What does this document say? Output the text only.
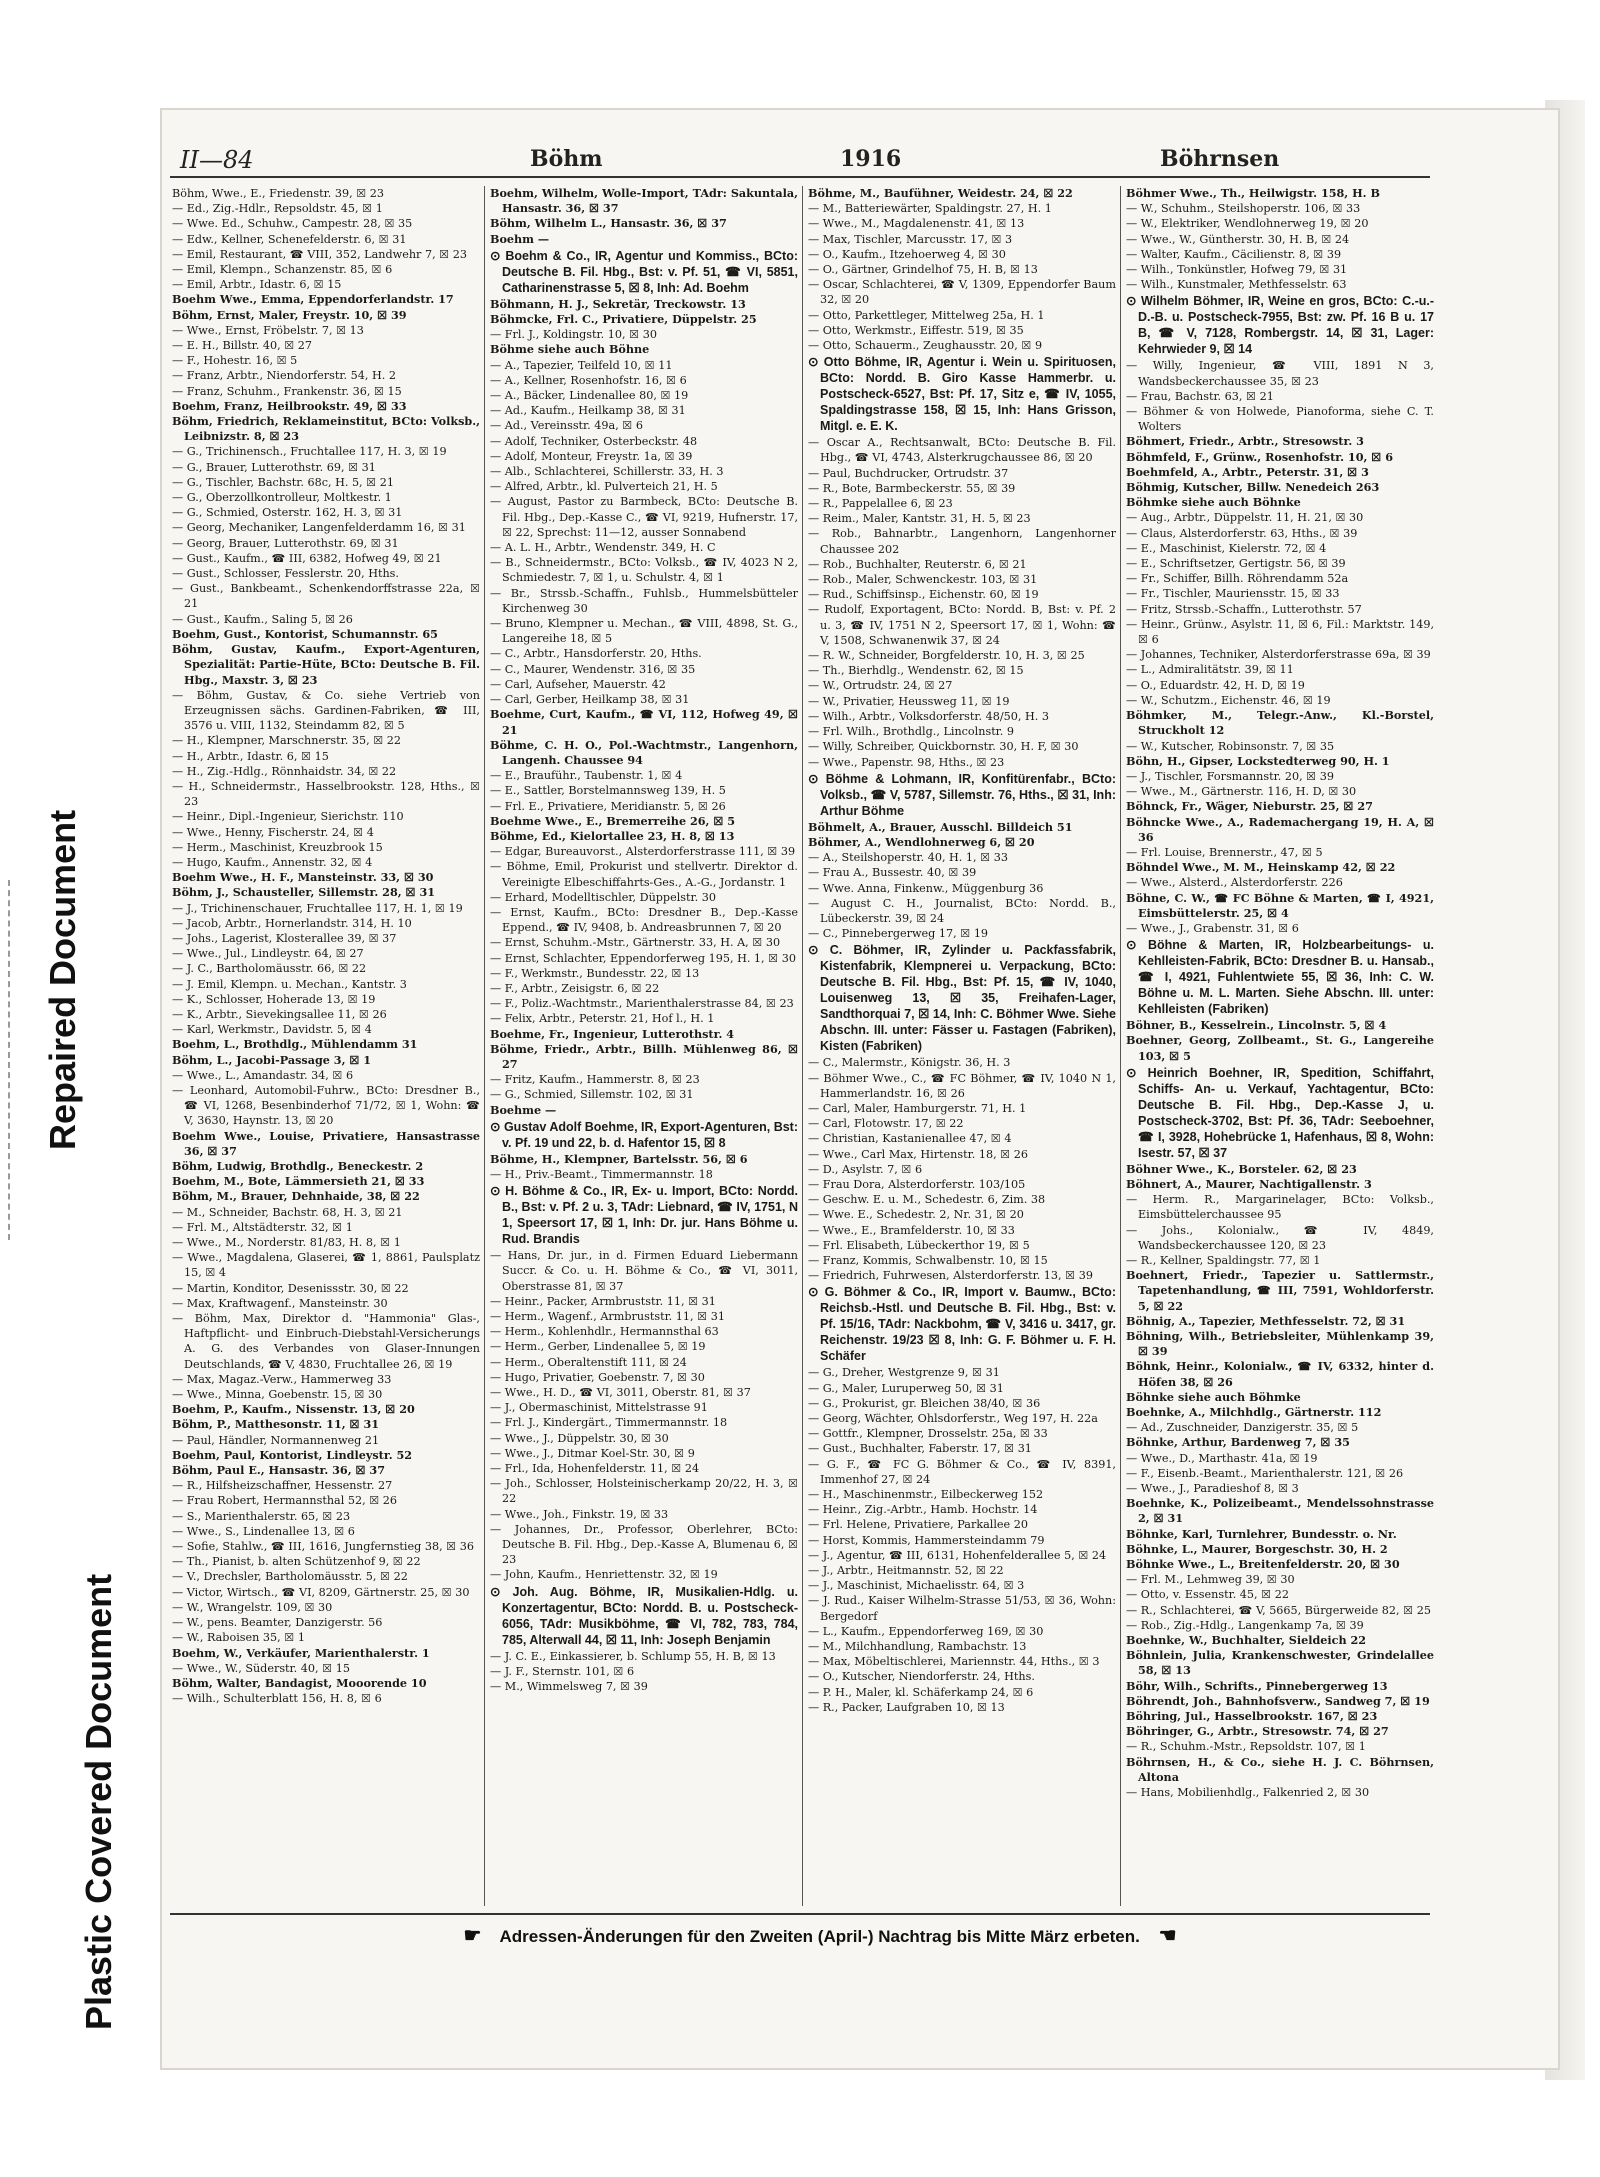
Repaired Document
Plastic Covered Document
II—84	Böhm	1916	Böhrnsen

Böhm, Wwe., E., Friedenstr. 39, ☒ 23

— Ed., Zig.-Hdlr., Repsoldstr. 45, ☒ 1

— Wwe. Ed., Schuhw., Campestr. 28, ☒ 35

— Edw., Kellner, Schenefelderstr. 6, ☒ 31

— Emil, Restaurant, ☎ VIII, 352, Landwehr 7, ☒ 23

— Emil, Klempn., Schanzenstr. 85, ☒ 6

— Emil, Arbtr., Idastr. 6, ☒ 15

Boehm Wwe., Emma, Eppendorferlandstr. 17

Böhm, Ernst, Maler, Freystr. 10, ☒ 39

— Wwe., Ernst, Fröbelstr. 7, ☒ 13

— E. H., Billstr. 40, ☒ 27

— F., Hohestr. 16, ☒ 5

— Franz, Arbtr., Niendorferstr. 54, H. 2

— Franz, Schuhm., Frankenstr. 36, ☒ 15

Boehm, Franz, Heilbrookstr. 49, ☒ 33

Böhm, Friedrich, Reklameinstitut, BCto: Volksb., Leibnizstr. 8, ☒ 23

— G., Trichinensch., Fruchtallee 117, H. 3, ☒ 19

— G., Brauer, Lutterothstr. 69, ☒ 31

— G., Tischler, Bachstr. 68c, H. 5, ☒ 21

— G., Oberzollkontrolleur, Moltkestr. 1

— G., Schmied, Osterstr. 162, H. 3, ☒ 31

— Georg, Mechaniker, Langenfelderdamm 16, ☒ 31

— Georg, Brauer, Lutterothstr. 69, ☒ 31

— Gust., Kaufm., ☎ III, 6382, Hofweg 49, ☒ 21

— Gust., Schlosser, Fesslerstr. 20, Hths.

— Gust., Bankbeamt., Schenkendorffstrasse 22a, ☒ 21

— Gust., Kaufm., Saling 5, ☒ 26

Boehm, Gust., Kontorist, Schumannstr. 65

Böhm, Gustav, Kaufm., Export-Agenturen, Spezialität: Partie-Hüte, BCto: Deutsche B. Fil. Hbg., Maxstr. 3, ☒ 23

— Böhm, Gustav, & Co. siehe Vertrieb von Erzeugnissen sächs. Gardinen-Fabriken, ☎ III, 3576 u. VIII, 1132, Steindamm 82, ☒ 5

— H., Klempner, Marschnerstr. 35, ☒ 22

— H., Arbtr., Idastr. 6, ☒ 15

— H., Zig.-Hdlg., Rönnhaidstr. 34, ☒ 22

— H., Schneidermstr., Hasselbrookstr. 128, Hths., ☒ 23

— Heinr., Dipl.-Ingenieur, Sierichstr. 110

— Wwe., Henny, Fischerstr. 24, ☒ 4

— Herm., Maschinist, Kreuzbrook 15

— Hugo, Kaufm., Annenstr. 32, ☒ 4

Boehm Wwe., H. F., Mansteinstr. 33, ☒ 30

Böhm, J., Schausteller, Sillemstr. 28, ☒ 31

— J., Trichinenschauer, Fruchtallee 117, H. 1, ☒ 19

— Jacob, Arbtr., Hornerlandstr. 314, H. 10

— Johs., Lagerist, Klosterallee 39, ☒ 37

— Wwe., Jul., Lindleystr. 64, ☒ 27

— J. C., Bartholomäusstr. 66, ☒ 22

— J. Emil, Klempn. u. Mechan., Kantstr. 3

— K., Schlosser, Hoherade 13, ☒ 19

— K., Arbtr., Sievekingsallee 11, ☒ 26

— Karl, Werkmstr., Davidstr. 5, ☒ 4

Boehm, L., Brothdlg., Mühlendamm 31

Böhm, L., Jacobi-Passage 3, ☒ 1

— Wwe., L., Amandastr. 34, ☒ 6

— Leonhard, Automobil-Fuhrw., BCto: Dresdner B., ☎ VI, 1268, Besenbinderhof 71/72, ☒ 1, Wohn: ☎ V, 3630, Haynstr. 13, ☒ 20

Boehm Wwe., Louise, Privatiere, Hansastrasse 36, ☒ 37

Böhm, Ludwig, Brothdlg., Beneckestr. 2

Boehm, M., Bote, Lämmersieth 21, ☒ 33

Böhm, M., Brauer, Dehnhaide, 38, ☒ 22

— M., Schneider, Bachstr. 68, H. 3, ☒ 21

— Frl. M., Altstädterstr. 32, ☒ 1

— Wwe., M., Norderstr. 81/83, H. 8, ☒ 1

— Wwe., Magdalena, Glaserei, ☎ 1, 8861, Paulsplatz 15, ☒ 4

— Martin, Konditor, Desenissstr. 30, ☒ 22

— Max, Kraftwagenf., Mansteinstr. 30

— Böhm, Max, Direktor d. "Hammonia" Glas-, Haftpflicht- und Einbruch-Diebstahl-Versicherungs A. G. des Verbandes von Glaser-Innungen Deutschlands, ☎ V, 4830, Fruchtallee 26, ☒ 19

— Max, Magaz.-Verw., Hammerweg 33

— Wwe., Minna, Goebenstr. 15, ☒ 30

Boehm, P., Kaufm., Nissenstr. 13, ☒ 20

Böhm, P., Matthesonstr. 11, ☒ 31

— Paul, Händler, Normannenweg 21

Boehm, Paul, Kontorist, Lindleystr. 52

Böhm, Paul E., Hansastr. 36, ☒ 37

— R., Hilfsheizschaffner, Hessenstr. 27

— Frau Robert, Hermannsthal 52, ☒ 26

— S., Marienthalerstr. 65, ☒ 23

— Wwe., S., Lindenallee 13, ☒ 6

— Sofie, Stahlw., ☎ III, 1616, Jungfernstieg 38, ☒ 36

— Th., Pianist, b. alten Schützenhof 9, ☒ 22

— V., Drechsler, Bartholomäusstr. 5, ☒ 22

— Victor, Wirtsch., ☎ VI, 8209, Gärtnerstr. 25, ☒ 30

— W., Wrangelstr. 109, ☒ 30

— W., pens. Beamter, Danzigerstr. 56

— W., Raboisen 35, ☒ 1

Boehm, W., Verkäufer, Marienthalerstr. 1

— Wwe., W., Süderstr. 40, ☒ 15

Böhm, Walter, Bandagist, Mooorende 10

— Wilh., Schulterblatt 156, H. 8, ☒ 6

Boehm, Wilhelm, Wolle-Import, TAdr: Sakuntala, Hansastr. 36, ☒ 37

Böhm, Wilhelm L., Hansastr. 36, ☒ 37

Boehm —

⊙ Boehm & Co., IR, Agentur und Kommiss., BCto: Deutsche B. Fil. Hbg., Bst: v. Pf. 51, ☎ VI, 5851, Catharinenstrasse 5, ☒ 8, Inh: Ad. Boehm

Böhmann, H. J., Sekretär, Treckowstr. 13

Böhmcke, Frl. C., Privatiere, Düppelstr. 25

— Frl. J., Koldingstr. 10, ☒ 30

Böhme siehe auch Böhne

— A., Tapezier, Teilfeld 10, ☒ 11

— A., Kellner, Rosenhofstr. 16, ☒ 6

— A., Bäcker, Lindenallee 80, ☒ 19

— Ad., Kaufm., Heilkamp 38, ☒ 31

— Ad., Vereinsstr. 49a, ☒ 6

— Adolf, Techniker, Osterbeckstr. 48

— Adolf, Monteur, Freystr. 1a, ☒ 39

— Alb., Schlachterei, Schillerstr. 33, H. 3

— Alfred, Arbtr., kl. Pulverteich 21, H. 5

— August, Pastor zu Barmbeck, BCto: Deutsche B. Fil. Hbg., Dep.-Kasse C., ☎ VI, 9219, Hufnerstr. 17, ☒ 22, Sprechst: 11—12, ausser Sonnabend

— A. L. H., Arbtr., Wendenstr. 349, H. C

— B., Schneidermstr., BCto: Volksb., ☎ IV, 4023 N 2, Schmiedestr. 7, ☒ 1, u. Schulstr. 4, ☒ 1

— Br., Strssb.-Schaffn., Fuhlsb., Hummelsbütteler Kirchenweg 30

— Bruno, Klempner u. Mechan., ☎ VIII, 4898, St. G., Langereihe 18, ☒ 5

— C., Arbtr., Hansdorferstr. 20, Hths.

— C., Maurer, Wendenstr. 316, ☒ 35

— Carl, Aufseher, Mauerstr. 42

— Carl, Gerber, Heilkamp 38, ☒ 31

Boehme, Curt, Kaufm., ☎ VI, 112, Hofweg 49, ☒ 21

Böhme, C. H. O., Pol.-Wachtmstr., Langenhorn, Langenh. Chaussee 94

— E., Brauführ., Taubenstr. 1, ☒ 4

— E., Sattler, Borstelmannsweg 139, H. 5

— Frl. E., Privatiere, Meridianstr. 5, ☒ 26

Boehme Wwe., E., Bremerreihe 26, ☒ 5

Böhme, Ed., Kielortallee 23, H. 8, ☒ 13

— Edgar, Bureauvorst., Alsterdorferstrasse 111, ☒ 39

— Böhme, Emil, Prokurist und stellvertr. Direktor d. Vereinigte Elbeschiffahrts-Ges., A.-G., Jordanstr. 1

— Erhard, Modelltischler, Düppelstr. 30

— Ernst, Kaufm., BCto: Dresdner B., Dep.-Kasse Eppend., ☎ IV, 9408, b. Andreasbrunnen 7, ☒ 20

— Ernst, Schuhm.-Mstr., Gärtnerstr. 33, H. A, ☒ 30

— Ernst, Schlachter, Eppendorferweg 195, H. 1, ☒ 30

— F., Werkmstr., Bundesstr. 22, ☒ 13

— F., Arbtr., Zeisigstr. 6, ☒ 22

— F., Poliz.-Wachtmstr., Marienthalerstrasse 84, ☒ 23

— Felix, Arbtr., Peterstr. 21, Hof l., H. 1

Boehme, Fr., Ingenieur, Lutterothstr. 4

Böhme, Friedr., Arbtr., Billh. Mühlenweg 86, ☒ 27

— Fritz, Kaufm., Hammerstr. 8, ☒ 23

— G., Schmied, Sillemstr. 102, ☒ 31

Boehme —

⊙ Gustav Adolf Boehme, IR, Export-Agenturen, Bst: v. Pf. 19 und 22, b. d. Hafentor 15, ☒ 8

Böhme, H., Klempner, Bartelsstr. 56, ☒ 6

— H., Priv.-Beamt., Timmermannstr. 18

⊙ H. Böhme & Co., IR, Ex- u. Import, BCto: Nordd. B., Bst: v. Pf. 2 u. 3, TAdr: Liebnard, ☎ IV, 1751, N 1, Speersort 17, ☒ 1, Inh: Dr. jur. Hans Böhme u. Rud. Brandis

— Hans, Dr. jur., in d. Firmen Eduard Liebermann Succr. & Co. u. H. Böhme & Co., ☎ VI, 3011, Oberstrasse 81, ☒ 37

— Heinr., Packer, Armbruststr. 11, ☒ 31

— Herm., Wagenf., Armbruststr. 11, ☒ 31

— Herm., Kohlenhdlr., Hermannsthal 63

— Herm., Gerber, Lindenallee 5, ☒ 19

— Herm., Oberaltenstift 111, ☒ 24

— Hugo, Privatier, Goebenstr. 7, ☒ 30

— Wwe., H. D., ☎ VI, 3011, Oberstr. 81, ☒ 37

— J., Obermaschinist, Mittelstrasse 91

— Frl. J., Kindergärt., Timmermannstr. 18

— Wwe., J., Düppelstr. 30, ☒ 30

— Wwe., J., Ditmar Koel-Str. 30, ☒ 9

— Frl., Ida, Hohenfelderstr. 11, ☒ 24

— Joh., Schlosser, Holsteinischerkamp 20/22, H. 3, ☒ 22

— Wwe., Joh., Finkstr. 19, ☒ 33

— Johannes, Dr., Professor, Oberlehrer, BCto: Deutsche B. Fil. Hbg., Dep.-Kasse A, Blumenau 6, ☒ 23

— John, Kaufm., Henriettenstr. 32, ☒ 19

⊙ Joh. Aug. Böhme, IR, Musikalien-Hdlg. u. Konzertagentur, BCto: Nordd. B. u. Postscheck-6056, TAdr: Musikböhme, ☎ VI, 782, 783, 784, 785, Alterwall 44, ☒ 11, Inh: Joseph Benjamin

— J. C. E., Einkassierer, b. Schlump 55, H. B, ☒ 13

— J. F., Sternstr. 101, ☒ 6

— M., Wimmelsweg 7, ☒ 39

Böhme, M., Baufühner, Weidestr. 24, ☒ 22

— M., Batteriewärter, Spaldingstr. 27, H. 1

— Wwe., M., Magdalenenstr. 41, ☒ 13

— Max, Tischler, Marcusstr. 17, ☒ 3

— O., Kaufm., Itzehoerweg 4, ☒ 30

— O., Gärtner, Grindelhof 75, H. B, ☒ 13

— Oscar, Schlachterei, ☎ V, 1309, Eppendorfer Baum 32, ☒ 20

— Otto, Parkettleger, Mittelweg 25a, H. 1

— Otto, Werkmstr., Eiffestr. 519, ☒ 35

— Otto, Schauerm., Zeughausstr. 20, ☒ 9

⊙ Otto Böhme, IR, Agentur i. Wein u. Spirituosen, BCto: Nordd. B. Giro Kasse Hammerbr. u. Postscheck-6527, Bst: Pf. 17, Sitz e, ☎ IV, 1055, Spaldingstrasse 158, ☒ 15, Inh: Hans Grisson, Mitgl. e. E. K.

— Oscar A., Rechtsanwalt, BCto: Deutsche B. Fil. Hbg., ☎ VI, 4743, Alsterkrugchaussee 86, ☒ 20

— Paul, Buchdrucker, Ortrudstr. 37

— R., Bote, Barmbeckerstr. 55, ☒ 39

— R., Pappelallee 6, ☒ 23

— Reim., Maler, Kantstr. 31, H. 5, ☒ 23

— Rob., Bahnarbtr., Langenhorn, Langenhorner Chaussee 202

— Rob., Buchhalter, Reuterstr. 6, ☒ 21

— Rob., Maler, Schwenckestr. 103, ☒ 31

— Rud., Schiffsinsp., Eichenstr. 60, ☒ 19

— Rudolf, Exportagent, BCto: Nordd. B, Bst: v. Pf. 2 u. 3, ☎ IV, 1751 N 2, Speersort 17, ☒ 1, Wohn: ☎ V, 1508, Schwanenwik 37, ☒ 24

— R. W., Schneider, Borgfelderstr. 10, H. 3, ☒ 25

— Th., Bierhdlg., Wendenstr. 62, ☒ 15

— W., Ortrudstr. 24, ☒ 27

— W., Privatier, Heussweg 11, ☒ 19

— Wilh., Arbtr., Volksdorferstr. 48/50, H. 3

— Frl. Wilh., Brothdlg., Lincolnstr. 9

— Willy, Schreiber, Quickbornstr. 30, H. F, ☒ 30

— Wwe., Papenstr. 98, Hths., ☒ 23

⊙ Böhme & Lohmann, IR, Konfitürenfabr., BCto: Volksb., ☎ V, 5787, Sillemstr. 76, Hths., ☒ 31, Inh: Arthur Böhme

Böhmelt, A., Brauer, Ausschl. Billdeich 51

Böhmer, A., Wendlohnerweg 6, ☒ 20

— A., Steilshoperstr. 40, H. 1, ☒ 33

— Frau A., Bussestr. 40, ☒ 39

— Wwe. Anna, Finkenw., Müggenburg 36

— August C. H., Journalist, BCto: Nordd. B., Lübeckerstr. 39, ☒ 24

— C., Pinnebergerweg 17, ☒ 19

⊙ C. Böhmer, IR, Zylinder u. Packfassfabrik, Kistenfabrik, Klempnerei u. Verpackung, BCto: Deutsche B. Fil. Hbg., Bst: Pf. 15, ☎ IV, 1040, Louisenweg 13, ☒ 35, Freihafen-Lager, Sandthorquai 7, ☒ 14, Inh: C. Böhmer Wwe. Siehe Abschn. III. unter: Fässer u. Fastagen (Fabriken), Kisten (Fabriken)

— C., Malermstr., Königstr. 36, H. 3

— Böhmer Wwe., C., ☎ FC Böhmer, ☎ IV, 1040 N 1, Hammerlandstr. 16, ☒ 26

— Carl, Maler, Hamburgerstr. 71, H. 1

— Carl, Flotowstr. 17, ☒ 22

— Christian, Kastanienallee 47, ☒ 4

— Wwe., Carl Max, Hirtenstr. 18, ☒ 26

— D., Asylstr. 7, ☒ 6

— Frau Dora, Alsterdorferstr. 103/105

— Geschw. E. u. M., Schedestr. 6, Zim. 38

— Wwe. E., Schedestr. 2, Nr. 31, ☒ 20

— Wwe., E., Bramfelderstr. 10, ☒ 33

— Frl. Elisabeth, Lübeckerthor 19, ☒ 5

— Franz, Kommis, Schwalbenstr. 10, ☒ 15

— Friedrich, Fuhrwesen, Alsterdorferstr. 13, ☒ 39

⊙ G. Böhmer & Co., IR, Import v. Baumw., BCto: Reichsb.-Hstl. und Deutsche B. Fil. Hbg., Bst: v. Pf. 15/16, TAdr: Nackbohm, ☎ V, 3416 u. 3417, gr. Reichenstr. 19/23 ☒ 8, Inh: G. F. Böhmer u. F. H. Schäfer

— G., Dreher, Westgrenze 9, ☒ 31

— G., Maler, Luruperweg 50, ☒ 31

— G., Prokurist, gr. Bleichen 38/40, ☒ 36

— Georg, Wächter, Ohlsdorferstr., Weg 197, H. 22a

— Gottfr., Klempner, Drosselstr. 25a, ☒ 33

— Gust., Buchhalter, Faberstr. 17, ☒ 31

— G. F., ☎ FC G. Böhmer & Co., ☎ IV, 8391, Immenhof 27, ☒ 24

— H., Maschinenmstr., Eilbeckerweg 152

— Heinr., Zig.-Arbtr., Hamb. Hochstr. 14

— Frl. Helene, Privatiere, Parkallee 20

— Horst, Kommis, Hammersteindamm 79

— J., Agentur, ☎ III, 6131, Hohenfelderallee 5, ☒ 24

— J., Arbtr., Heitmannstr. 52, ☒ 22

— J., Maschinist, Michaelisstr. 64, ☒ 3

— J. Rud., Kaiser Wilhelm-Strasse 51/53, ☒ 36, Wohn: Bergedorf

— L., Kaufm., Eppendorferweg 169, ☒ 30

— M., Milchhandlung, Rambachstr. 13

— Max, Möbeltischlerei, Mariennstr. 44, Hths., ☒ 3

— O., Kutscher, Niendorferstr. 24, Hths.

— P. H., Maler, kl. Schäferkamp 24, ☒ 6

— R., Packer, Laufgraben 10, ☒ 13

Böhmer Wwe., Th., Heilwigstr. 158, H. B

— W., Schuhm., Steilshoperstr. 106, ☒ 33

— W., Elektriker, Wendlohnerweg 19, ☒ 20

— Wwe., W., Güntherstr. 30, H. B, ☒ 24

— Walter, Kaufm., Cäcilienstr. 8, ☒ 39

— Wilh., Tonkünstler, Hofweg 79, ☒ 31

— Wilh., Kunstmaler, Methfesselstr. 63

⊙ Wilhelm Böhmer, IR, Weine en gros, BCto: C.-u.-D.-B. u. Postscheck-7955, Bst: zw. Pf. 16 B u. 17 B, ☎ V, 7128, Rombergstr. 14, ☒ 31, Lager: Kehrwieder 9, ☒ 14

— Willy, Ingenieur, ☎ VIII, 1891 N 3, Wandsbeckerchaussee 35, ☒ 23

— Frau, Bachstr. 63, ☒ 21

— Böhmer & von Holwede, Pianoforma, siehe C. T. Wolters

Böhmert, Friedr., Arbtr., Stresowstr. 3

Böhmfeld, F., Grünw., Rosenhofstr. 10, ☒ 6

Boehmfeld, A., Arbtr., Peterstr. 31, ☒ 3

Böhmig, Kutscher, Billw. Nenedeich 263

Böhmke siehe auch Böhnke

— Aug., Arbtr., Düppelstr. 11, H. 21, ☒ 30

— Claus, Alsterdorferstr. 63, Hths., ☒ 39

— E., Maschinist, Kielerstr. 72, ☒ 4

— E., Schriftsetzer, Gertigstr. 56, ☒ 39

— Fr., Schiffer, Billh. Röhrendamm 52a

— Fr., Tischler, Mauriensstr. 15, ☒ 33

— Fritz, Strssb.-Schaffn., Lutterothstr. 57

— Heinr., Grünw., Asylstr. 11, ☒ 6, Fil.: Marktstr. 149, ☒ 6

— Johannes, Techniker, Alsterdorferstrasse 69a, ☒ 39

— L., Admiralitätstr. 39, ☒ 11

— O., Eduardstr. 42, H. D, ☒ 19

— W., Schutzm., Eichenstr. 46, ☒ 19

Böhmker, M., Telegr.-Anw., Kl.-Borstel, Struckholt 12

— W., Kutscher, Robinsonstr. 7, ☒ 35

Böhn, H., Gipser, Lockstedterweg 90, H. 1

— J., Tischler, Forsmannstr. 20, ☒ 39

— Wwe., M., Gärtnerstr. 116, H. D, ☒ 30

Böhnck, Fr., Wäger, Nieburstr. 25, ☒ 27

Böhncke Wwe., A., Rademachergang 19, H. A, ☒ 36

— Frl. Louise, Brennerstr., 47, ☒ 5

Böhndel Wwe., M. M., Heinskamp 42, ☒ 22

— Wwe., Alsterd., Alsterdorferstr. 226

Böhne, C. W., ☎ FC Böhne & Marten, ☎ I, 4921, Eimsbüttelerstr. 25, ☒ 4

— Wwe., J., Grabenstr. 31, ☒ 6

⊙ Böhne & Marten, IR, Holzbearbeitungs- u. Kehlleisten-Fabrik, BCto: Dresdner B. u. Hansab., ☎ I, 4921, Fuhlentwiete 55, ☒ 36, Inh: C. W. Böhne u. M. L. Marten. Siehe Abschn. III. unter: Kehlleisten (Fabriken)

Böhner, B., Kesselrein., Lincolnstr. 5, ☒ 4

Boehner, Georg, Zollbeamt., St. G., Langereihe 103, ☒ 5

⊙ Heinrich Boehner, IR, Spedition, Schiffahrt, Schiffs- An- u. Verkauf, Yachtagentur, BCto: Deutsche B. Fil. Hbg., Dep.-Kasse J, u. Postscheck-3702, Bst: Pf. 36, TAdr: Seeboehner, ☎ I, 3928, Hohebrücke 1, Hafenhaus, ☒ 8, Wohn: Isestr. 57, ☒ 37

Böhner Wwe., K., Borsteler. 62, ☒ 23

Böhnert, A., Maurer, Nachtigallenstr. 3

— Herm. R., Margarinelager, BCto: Volksb., Eimsbüttelerchaussee 95

— Johs., Kolonialw., ☎ IV, 4849, Wandsbeckerchaussee 120, ☒ 23

— R., Kellner, Spaldingstr. 77, ☒ 1

Boehnert, Friedr., Tapezier u. Sattlermstr., Tapetenhandlung, ☎ III, 7591, Wohldorferstr. 5, ☒ 22

Böhnig, A., Tapezier, Methfesselstr. 72, ☒ 31

Böhning, Wilh., Betriebsleiter, Mühlenkamp 39, ☒ 39

Böhnk, Heinr., Kolonialw., ☎ IV, 6332, hinter d. Höfen 38, ☒ 26

Böhnke siehe auch Böhmke

Boehnke, A., Milchhdlg., Gärtnerstr. 112

— Ad., Zuschneider, Danzigerstr. 35, ☒ 5

Böhnke, Arthur, Bardenweg 7, ☒ 35

— Wwe., D., Marthastr. 41a, ☒ 19

— F., Eisenb.-Beamt., Marienthalerstr. 121, ☒ 26

— Wwe., J., Paradieshof 8, ☒ 3

Boehnke, K., Polizeibeamt., Mendelssohnstrasse 2, ☒ 31

Böhnke, Karl, Turnlehrer, Bundesstr. o. Nr.

Böhnke, L., Maurer, Borgeschstr. 30, H. 2

Böhnke Wwe., L., Breitenfelderstr. 20, ☒ 30

— Frl. M., Lehmweg 39, ☒ 30

— Otto, v. Essenstr. 45, ☒ 22

— R., Schlachterei, ☎ V, 5665, Bürgerweide 82, ☒ 25

— Rob., Zig.-Hdlg., Langenkamp 7a, ☒ 39

Boehnke, W., Buchhalter, Sieldeich 22

Böhnlein, Julia, Krankenschwester, Grindelallee 58, ☒ 13

Böhr, Wilh., Schrifts., Pinnebergerweg 13

Böhrendt, Joh., Bahnhofsverw., Sandweg 7, ☒ 19

Böhring, Jul., Hasselbrookstr. 167, ☒ 23

Böhringer, G., Arbtr., Stresowstr. 74, ☒ 27

— R., Schuhm.-Mstr., Repsoldstr. 107, ☒ 1

Böhrnsen, H., & Co., siehe H. J. C. Böhrnsen, Altona

— Hans, Mobilienhdlg., Falkenried 2, ☒ 30

☛ Adressen-Änderungen für den Zweiten (April-) Nachtrag bis Mitte März erbeten. ☚
